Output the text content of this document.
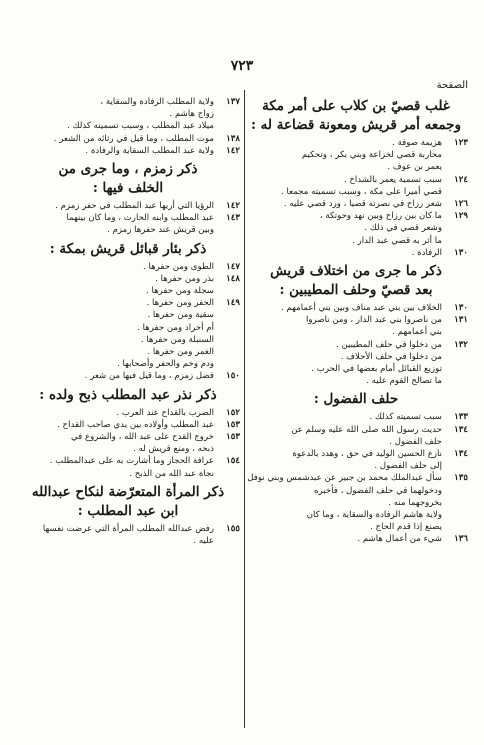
٧٢٣
الصفحة
غلب قصيّ بن كلاب على أمر مكة
وجمعه أمر قريش ومعونة قضاعة له :
١٢٣
هزيمة صوفة .
محاربة قصي لخزاعة وبني بكر ، وتحكيم
يعمر بن عوف .
١٢٤
سبب تسمية يعمر بالشداخ .
قصي أميرا على مكة ، وسبب تسميته مجمعا .
١٢٦
شعر رزاح في نصرته قصيا ، ورد قصي عليه .
١٢٩
ما كان بين رزاح وبين نهد وحوتكة ،
وشعر قصي في ذلك .
ما أثر به قصي عبد الدار .
١٣٠
الرفادة .
ذكر ما جرى من اختلاف قريش
بعد قصيّ وحلف المطيبين :
١٣٠
الخلاف بين بني عبد مناف وبين بني أعمامهم .
١٣١
من ناصروا بني عبد الدار ، ومن ناصروا
بني أعمامهم .
١٣٢
من دخلوا في حلف المطيبين .
من دخلوا في حلف الأحلاف .
توزيع القبائل أمام بعضها في الحرب .
ما تصالح القوم عليه .
حلف الفضول :
١٣٣
سبب تسميته كذلك .
١٣٤
حديث رسول الله صلى الله عليه وسلم عن
حلف الفضول .
١٣٤
نازع الحسين الوليد في حق ، وهدد بالدعوة
إلى حلف الفضول .
١٣٥
سأل عبدالملك محمد بن جبير عن عبدشمس وبني نوفل
ودخولهما في حلف الفضول ، فأخبره
بخروجهما منه .
ولاية هاشم الرفادة والسقاية ، وما كان
يصنع إذا قدم الحاج .
١٣٦
شيء من أعمال هاشم .
١٣٧
ولاية المطلب الرفادة والسقاية ،
زواج هاشم .
ميلاد عبد المطلب ، وسبب تسميته كذلك .
١٣٨
موت المطلب ، وما قيل في رثائه من الشعر .
١٤٢
ولاية عبد المطلب السقاية والرفادة .
ذكر زمزم ، وما جرى من
الخلف فيها :
١٤٢
الرؤيا التي أريها عبد المطلب في حفر زمزم .
١٤٣
عبد المطلب وابنه الحارث ، وما كان بينهما
وبين قريش عند حفرها زمزم .
ذكر بئار قبائل قريش بمكة :
١٤٧
الطوى ومن حفرها .
١٤٨
بذر ومن حفرها .
سجلة ومن حفرها .
١٤٩
الحفر ومن حفرها .
سقية ومن حفرها .
أم أحراد ومن حفرها .
السنبلة ومن حفرها .
الغمر ومن حفرها .
ودم وخم والحفر وأصحابها .
١٥٠
فضل زمزم ، وما قيل فيها من شعر .
ذكر نذر عبد المطلب ذبح ولده :
١٥٢
الضرب بالقداح عند العرب .
١٥٣
عبد المطلب وأولاده بين يدي صاحب القداح .
١٥٣
خروج القدح على عبد الله ، والشروع في
ذبحه ، ومنع قريش له .
١٥٤
عرافة الحجاز وما أشارت به على عبدالمطلب .
نجاة عبد الله من الذبح .
ذكر المرأة المتعرّضة لنكاح عبدالله
ابن عبد المطلب :
١٥٥
رفض عبدالله المطلب المرأة التي عرضت نفسها
عليه .
